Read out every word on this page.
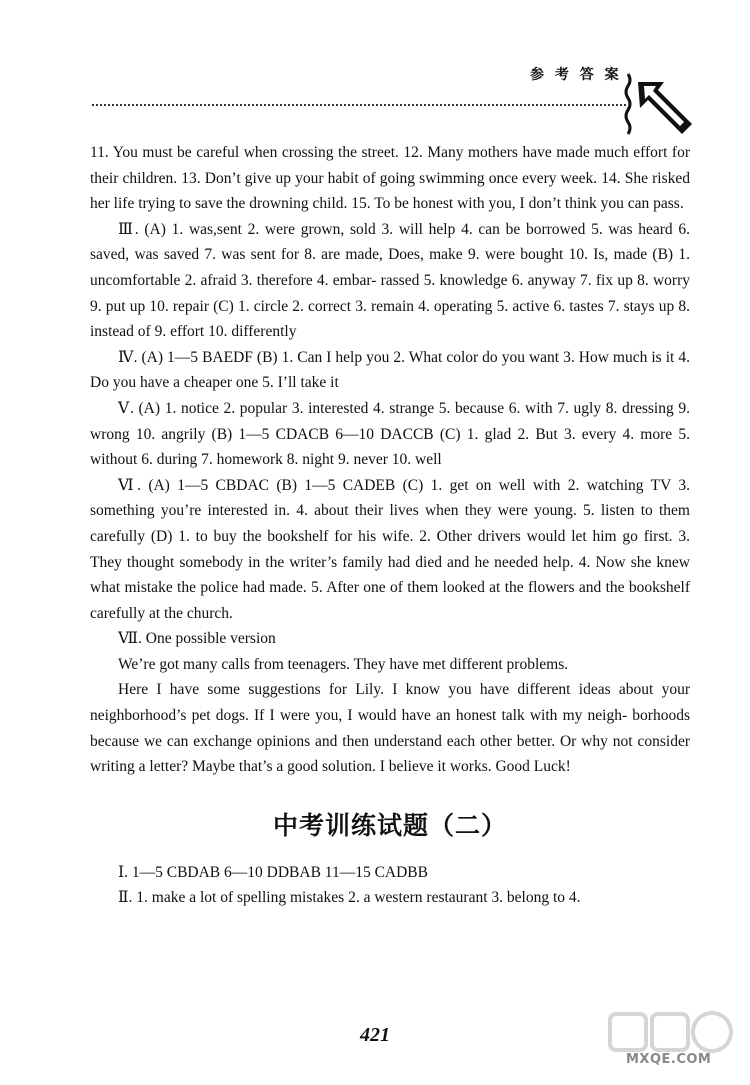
参 考 答 案

11. You must be careful when crossing the street. 12. Many mothers have made much effort for their children. 13. Don’t give up your habit of going swimming once every week. 14. She risked her life trying to save the drowning child. 15. To be honest with you, I don’t think you can pass.

Ⅲ. (A) 1. was,sent 2. were grown, sold 3. will help 4. can be borrowed 5. was heard 6. saved, was saved 7. was sent for 8. are made, Does, make 9. were bought 10. Is, made (B) 1. uncomfortable 2. afraid 3. therefore 4. embar- rassed 5. knowledge 6. anyway 7. fix up 8. worry 9. put up 10. repair (C) 1. circle 2. correct 3. remain 4. operating 5. active 6. tastes 7. stays up 8. instead of 9. effort 10. differently

Ⅳ. (A) 1—5 BAEDF (B) 1. Can I help you 2. What color do you want 3. How much is it 4. Do you have a cheaper one 5. I’ll take it

Ⅴ. (A) 1. notice 2. popular 3. interested 4. strange 5. because 6. with 7. ugly 8. dressing 9. wrong 10. angrily (B) 1—5 CDACB 6—10 DACCB (C) 1. glad 2. But 3. every 4. more 5. without 6. during 7. homework 8. night 9. never 10. well

Ⅵ. (A) 1—5 CBDAC (B) 1—5 CADEB (C) 1. get on well with 2. watching TV 3. something you’re interested in. 4. about their lives when they were young. 5. listen to them carefully (D) 1. to buy the bookshelf for his wife. 2. Other drivers would let him go first. 3. They thought somebody in the writer’s family had died and he needed help. 4. Now she knew what mistake the police had made. 5. After one of them looked at the flowers and the bookshelf carefully at the church.

Ⅶ. One possible version

We’re got many calls from teenagers. They have met different problems.

Here I have some suggestions for Lily. I know you have different ideas about your neighborhood’s pet dogs. If I were you, I would have an honest talk with my neigh- borhoods because we can exchange opinions and then understand each other better. Or why not consider writing a letter? Maybe that’s a good solution. I believe it works. Good Luck!

中考训练试题（二）

Ⅰ. 1—5 CBDAB 6—10 DDBAB 11—15 CADBB

Ⅱ. 1. make a lot of spelling mistakes 2. a western restaurant 3. belong to 4.

421
MXQE.COM
